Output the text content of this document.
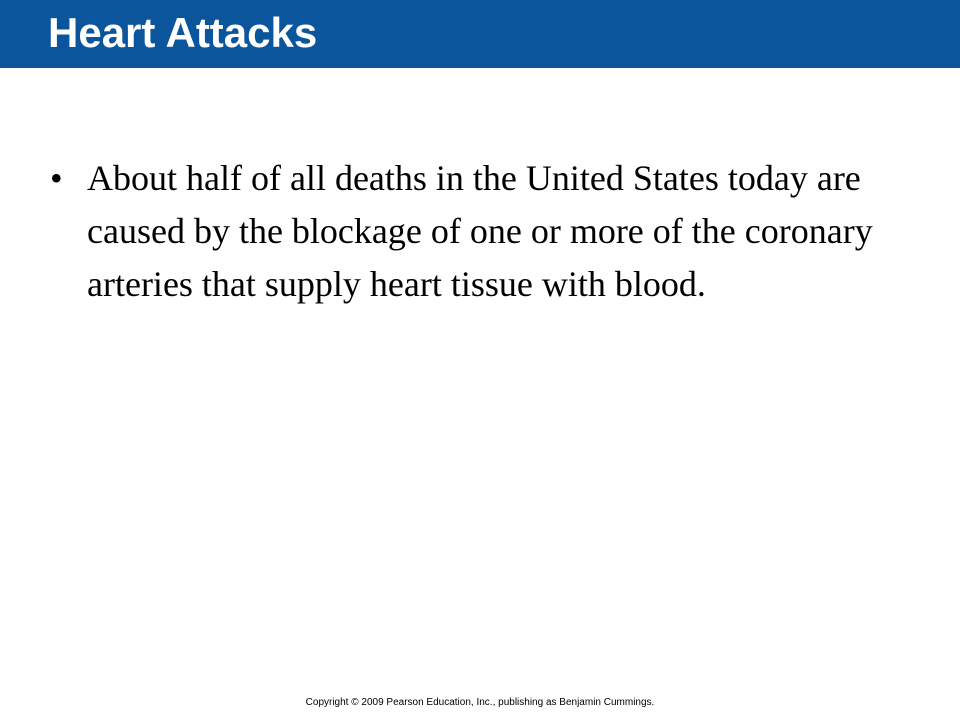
Heart Attacks
• About half of all deaths in the United States today are caused by the blockage of one or more of the coronary arteries that supply heart tissue with blood.
Copyright © 2009 Pearson Education, Inc., publishing as Benjamin Cummings.
